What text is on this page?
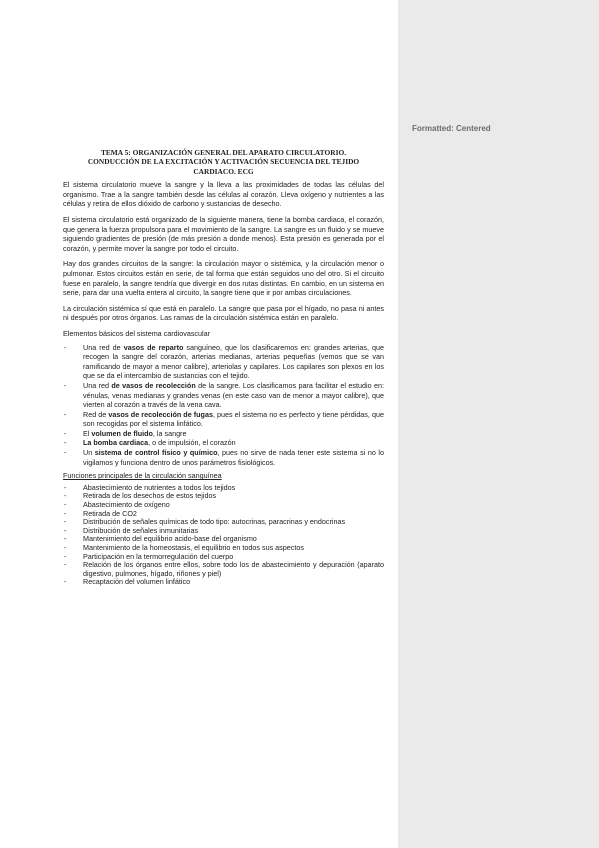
Formatted: Centered
TEMA 5: ORGANIZACIÓN GENERAL DEL APARATO CIRCULATORIO.
CONDUCCIÓN DE LA EXCITACIÓN Y ACTIVACIÓN SECUENCIA DEL TEJIDO
CARDIACO. ECG

El sistema circulatorio mueve la sangre y la lleva a las proximidades de todas las células del organismo. Trae a la sangre también desde las células al corazón. Lleva oxígeno y nutrientes a las células y retira de ellos dióxido de carbono y sustancias de desecho.

El sistema circulatorio está organizado de la siguiente manera, tiene la bomba cardiaca, el corazón, que genera la fuerza propulsora para el movimiento de la sangre. La sangre es un fluido y se mueve siguiendo gradientes de presión (de más presión a donde menos). Esta presión es generada por el corazón, y permite mover la sangre por todo el circuito.

Hay dos grandes circuitos de la sangre: la circulación mayor o sistémica, y la circulación menor o pulmonar. Estos circuitos están en serie, de tal forma que están seguidos uno del otro. Si el circuito fuese en paralelo, la sangre tendría que divergir en dos rutas distintas. En cambio, en un sistema en serie, para dar una vuelta entera al circuito, la sangre tiene que ir por ambas circulaciones.

La circulación sistémica sí que está en paralelo. La sangre que pasa por el hígado, no pasa ni antes ni después por otros órganos. Las ramas de la circulación sistémica están en paralelo.

Elementos básicos del sistema cardiovascular
- Una red de vasos de reparto sanguíneo, que los clasificaremos en: grandes arterias, que recogen la sangre del corazón, arterias medianas, arterias pequeñas (vemos que se van ramificando de mayor a menor calibre), arteriolas y capilares. Los capilares son plexos en los que se da el intercambio de sustancias con el tejido.
- Una red de vasos de recolección de la sangre. Los clasificamos para facilitar el estudio en: vénulas, venas medianas y grandes venas (en este caso van de menor a mayor calibre), que vierten al corazón a través de la vena cava.
- Red de vasos de recolección de fugas, pues el sistema no es perfecto y tiene pérdidas, que son recogidas por el sistema linfático.
- El volumen de fluido, la sangre
- La bomba cardiaca, o de impulsión, el corazón
- Un sistema de control físico y químico, pues no sirve de nada tener este sistema si no lo vigilamos y funciona dentro de unos parámetros fisiológicos.
Funciones principales de la circulación sanguínea
- Abastecimiento de nutrientes a todos los tejidos
- Retirada de los desechos de estos tejidos
- Abastecimiento de oxígeno
- Retirada de CO2
- Distribución de señales químicas de todo tipo: autocrinas, paracrinas y endocrinas
- Distribución de señales inmunitarias
- Mantenimiento del equilibrio acido-base del organismo
- Mantenimiento de la homeostasis, el equilibrio en todos sus aspectos
- Participación en la termorregulación del cuerpo
- Relación de los órganos entre ellos, sobre todo los de abastecimiento y depuración (aparato digestivo, pulmones, hígado, riñones y piel)
- Recaptación del volumen linfático
